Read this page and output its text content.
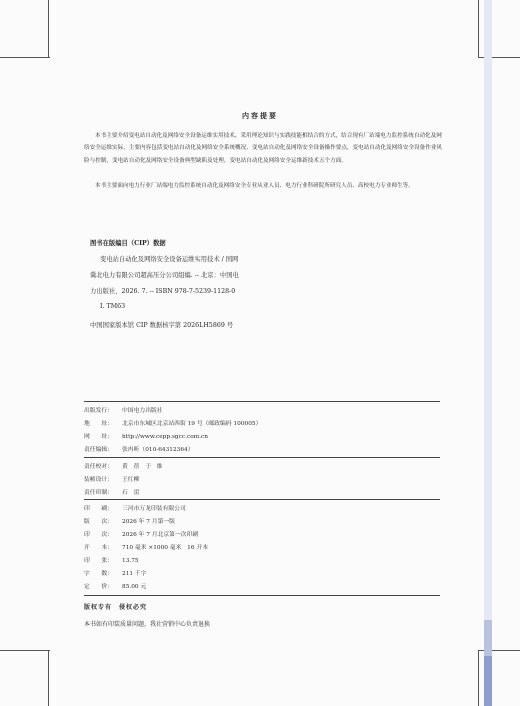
内容提要

本书主要介绍变电站自动化及网络安全设备运维实用技术，采用理论知识与实践技能相结合的方式，结合现有厂站端电力监控系统自动化及网络安全运维实际，主要内容包括变电站自动化及网络安全系统概况、变电站自动化及网络安全设备操作要点，变电站自动化及网络安全设备作业风险与控制、变电站自动化及网络安全设备典型缺陷及处理，变电站自动化及网络安全运维新技术五个方面。

本书主要面向电力行业厂站端电力监控系统自动化及网络安全专业从业人员、电力行业科研院所研究人员、高校电力专业师生等。

图书在版编目（CIP）数据
变电站自动化及网络安全设备运维实用技术 / 国网
冀北电力有限公司超高压分公司组编. -- 北京：中国电
力出版社，2026. 7. -- ISBN 978-7-5239-1128-0
Ⅰ. TM63
中国国家版本馆 CIP 数据核字第 2026LH5869 号
出版发行： 中国电力出版社
地　　址： 北京市东城区北京站西街 19 号（邮政编码 100005）
网　　址： http://www.cepp.sgcc.com.cn
责任编辑： 张冉昕（010-64312364）
责任校对： 黄　蓓　于　维
装帧设计： 王红柳
责任印制： 石　雷
印　　刷： 三河市万龙印装有限公司
版　　次： 2026 年 7 月第一版
印　　次： 2026 年 7 月北京第一次印刷
开　　本： 710 毫米 ×1000 毫米　16 开本
印　　张： 13.75
字　　数： 211 千字
定　　价： 85.00 元
版权专有　侵权必究
本书如有印装质量问题，我社营销中心负责退换
